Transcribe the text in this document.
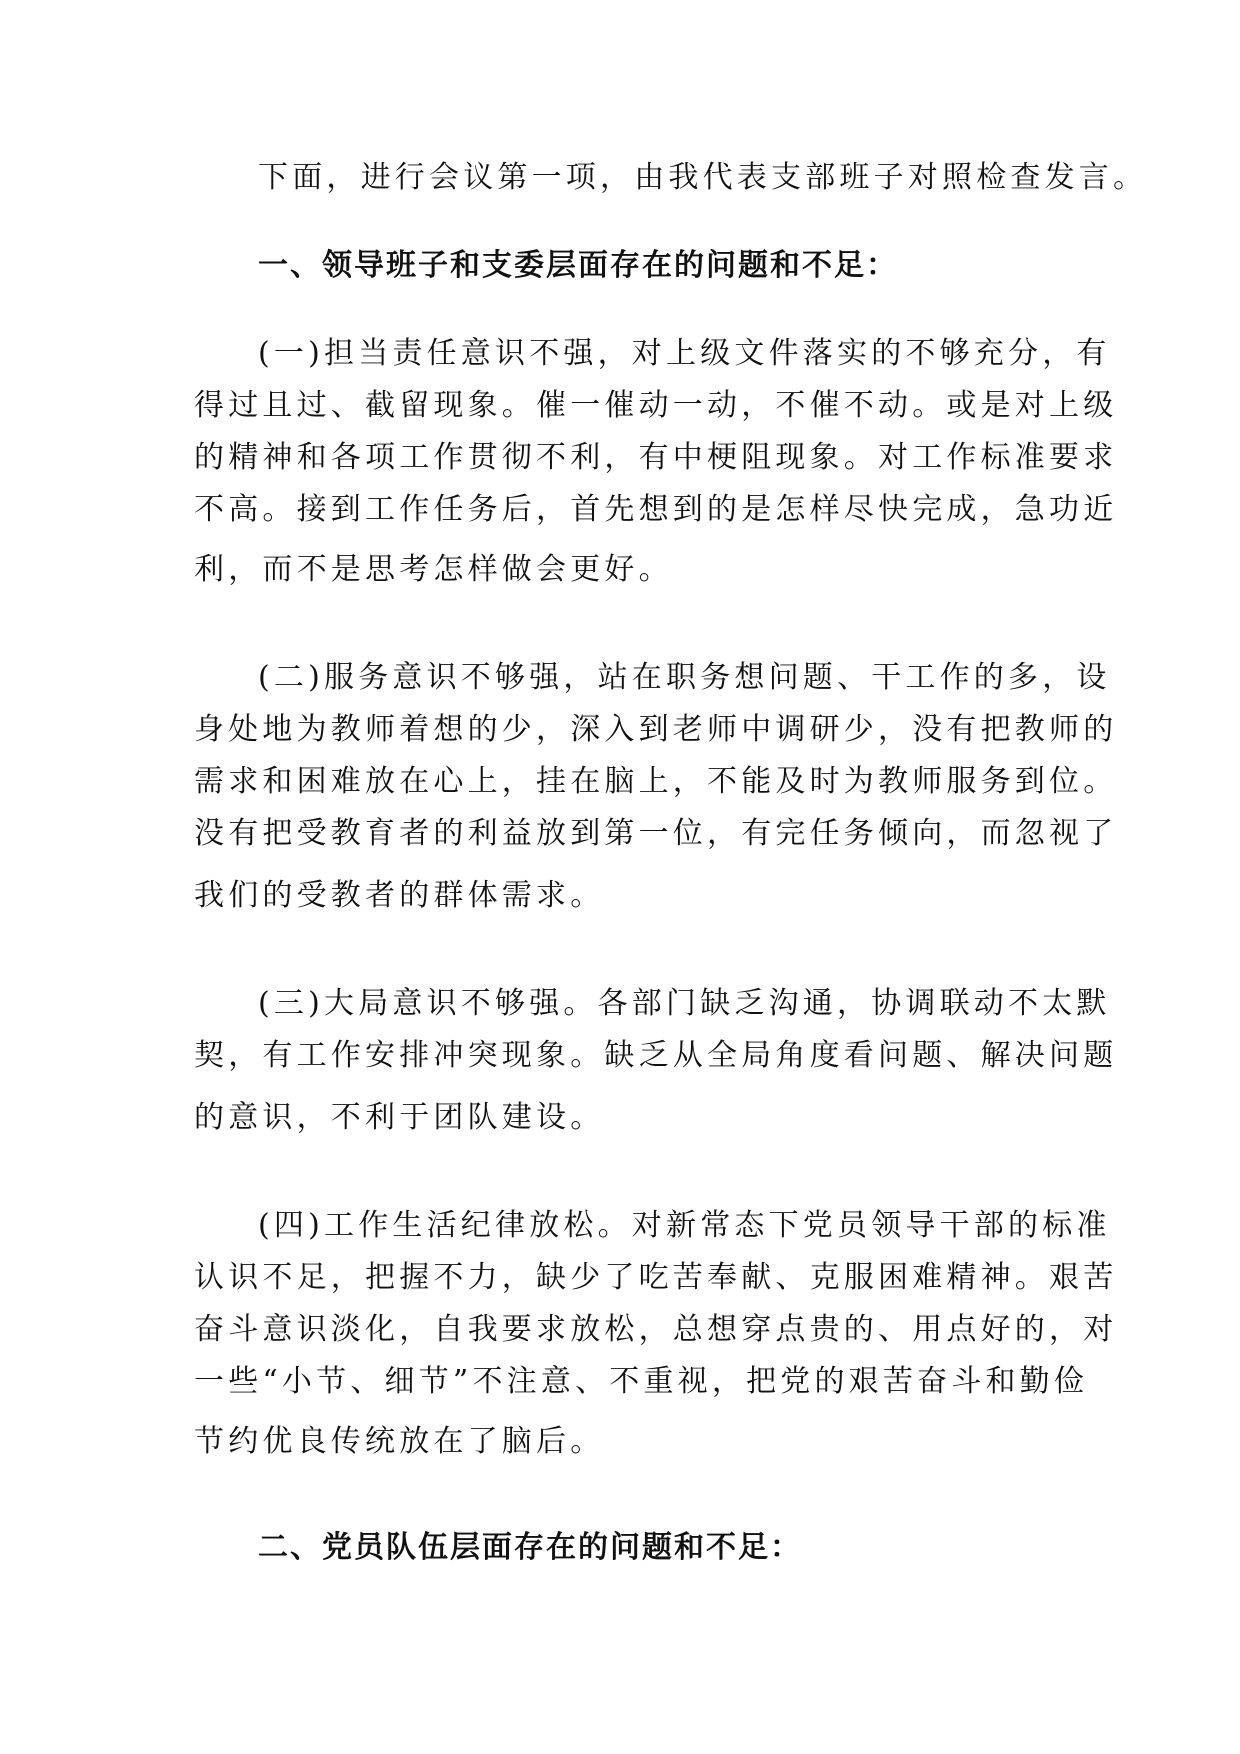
下面，进行会议第一项，由我代表支部班子对照检查发言。
一、领导班子和支委层面存在的问题和不足：
(一)担当责任意识不强，对上级文件落实的不够充分，有
得过且过、截留现象。催一催动一动，不催不动。或是对上级
的精神和各项工作贯彻不利，有中梗阻现象。对工作标准要求
不高。接到工作任务后，首先想到的是怎样尽快完成，急功近
利，而不是思考怎样做会更好。
(二)服务意识不够强，站在职务想问题、干工作的多，设
身处地为教师着想的少，深入到老师中调研少，没有把教师的
需求和困难放在心上，挂在脑上，不能及时为教师服务到位。
没有把受教育者的利益放到第一位，有完任务倾向，而忽视了
我们的受教者的群体需求。
(三)大局意识不够强。各部门缺乏沟通，协调联动不太默
契，有工作安排冲突现象。缺乏从全局角度看问题、解决问题
的意识，不利于团队建设。
(四)工作生活纪律放松。对新常态下党员领导干部的标准
认识不足，把握不力，缺少了吃苦奉献、克服困难精神。艰苦
奋斗意识淡化，自我要求放松，总想穿点贵的、用点好的，对
一些“小节、细节”不注意、不重视，把党的艰苦奋斗和勤俭
节约优良传统放在了脑后。
二、党员队伍层面存在的问题和不足：
